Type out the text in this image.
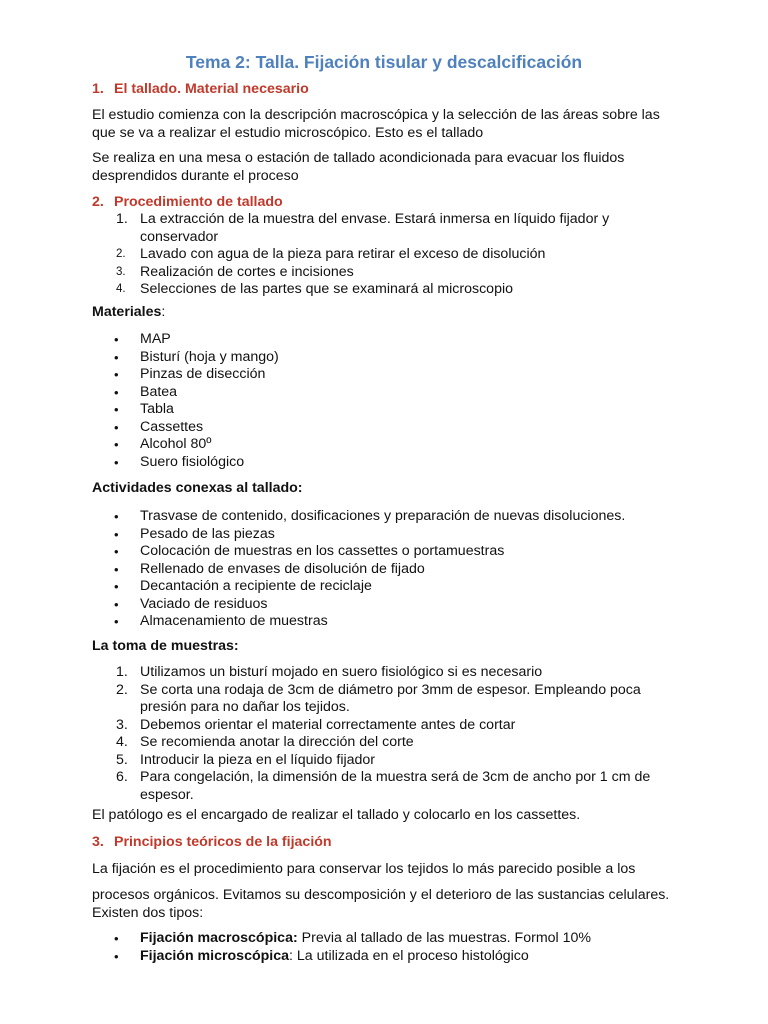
Tema 2: Talla. Fijación tisular y descalcificación
1. El tallado. Material necesario

El estudio comienza con la descripción macroscópica y la selección de las áreas sobre las que se va a realizar el estudio microscópico. Esto es el tallado

Se realiza en una mesa o estación de tallado acondicionada para evacuar los fluidos desprendidos durante el proceso

2. Procedimiento de tallado
1. La extracción de la muestra del envase. Estará inmersa en líquido fijador y conservador
2. Lavado con agua de la pieza para retirar el exceso de disolución
3. Realización de cortes e incisiones
4. Selecciones de las partes que se examinará al microscopio
Materiales:
• MAP
• Bisturí (hoja y mango)
• Pinzas de disección
• Batea
• Tabla
• Cassettes
• Alcohol 80º
• Suero fisiológico
Actividades conexas al tallado:
• Trasvase de contenido, dosificaciones y preparación de nuevas disoluciones.
• Pesado de las piezas
• Colocación de muestras en los cassettes o portamuestras
• Rellenado de envases de disolución de fijado
• Decantación a recipiente de reciclaje
• Vaciado de residuos
• Almacenamiento de muestras
La toma de muestras:
1. Utilizamos un bisturí mojado en suero fisiológico si es necesario
2. Se corta una rodaja de 3cm de diámetro por 3mm de espesor. Empleando poca presión para no dañar los tejidos.
3. Debemos orientar el material correctamente antes de cortar
4. Se recomienda anotar la dirección del corte
5. Introducir la pieza en el líquido fijador
6. Para congelación, la dimensión de la muestra será de 3cm de ancho por 1 cm de espesor.

El patólogo es el encargado de realizar el tallado y colocarlo en los cassettes.

3. Principios teóricos de la fijación

La fijación es el procedimiento para conservar los tejidos lo más parecido posible a los

procesos orgánicos. Evitamos su descomposición y el deterioro de las sustancias celulares. Existen dos tipos:

• Fijación macroscópica: Previa al tallado de las muestras. Formol 10%
• Fijación microscópica: La utilizada en el proceso histológico
